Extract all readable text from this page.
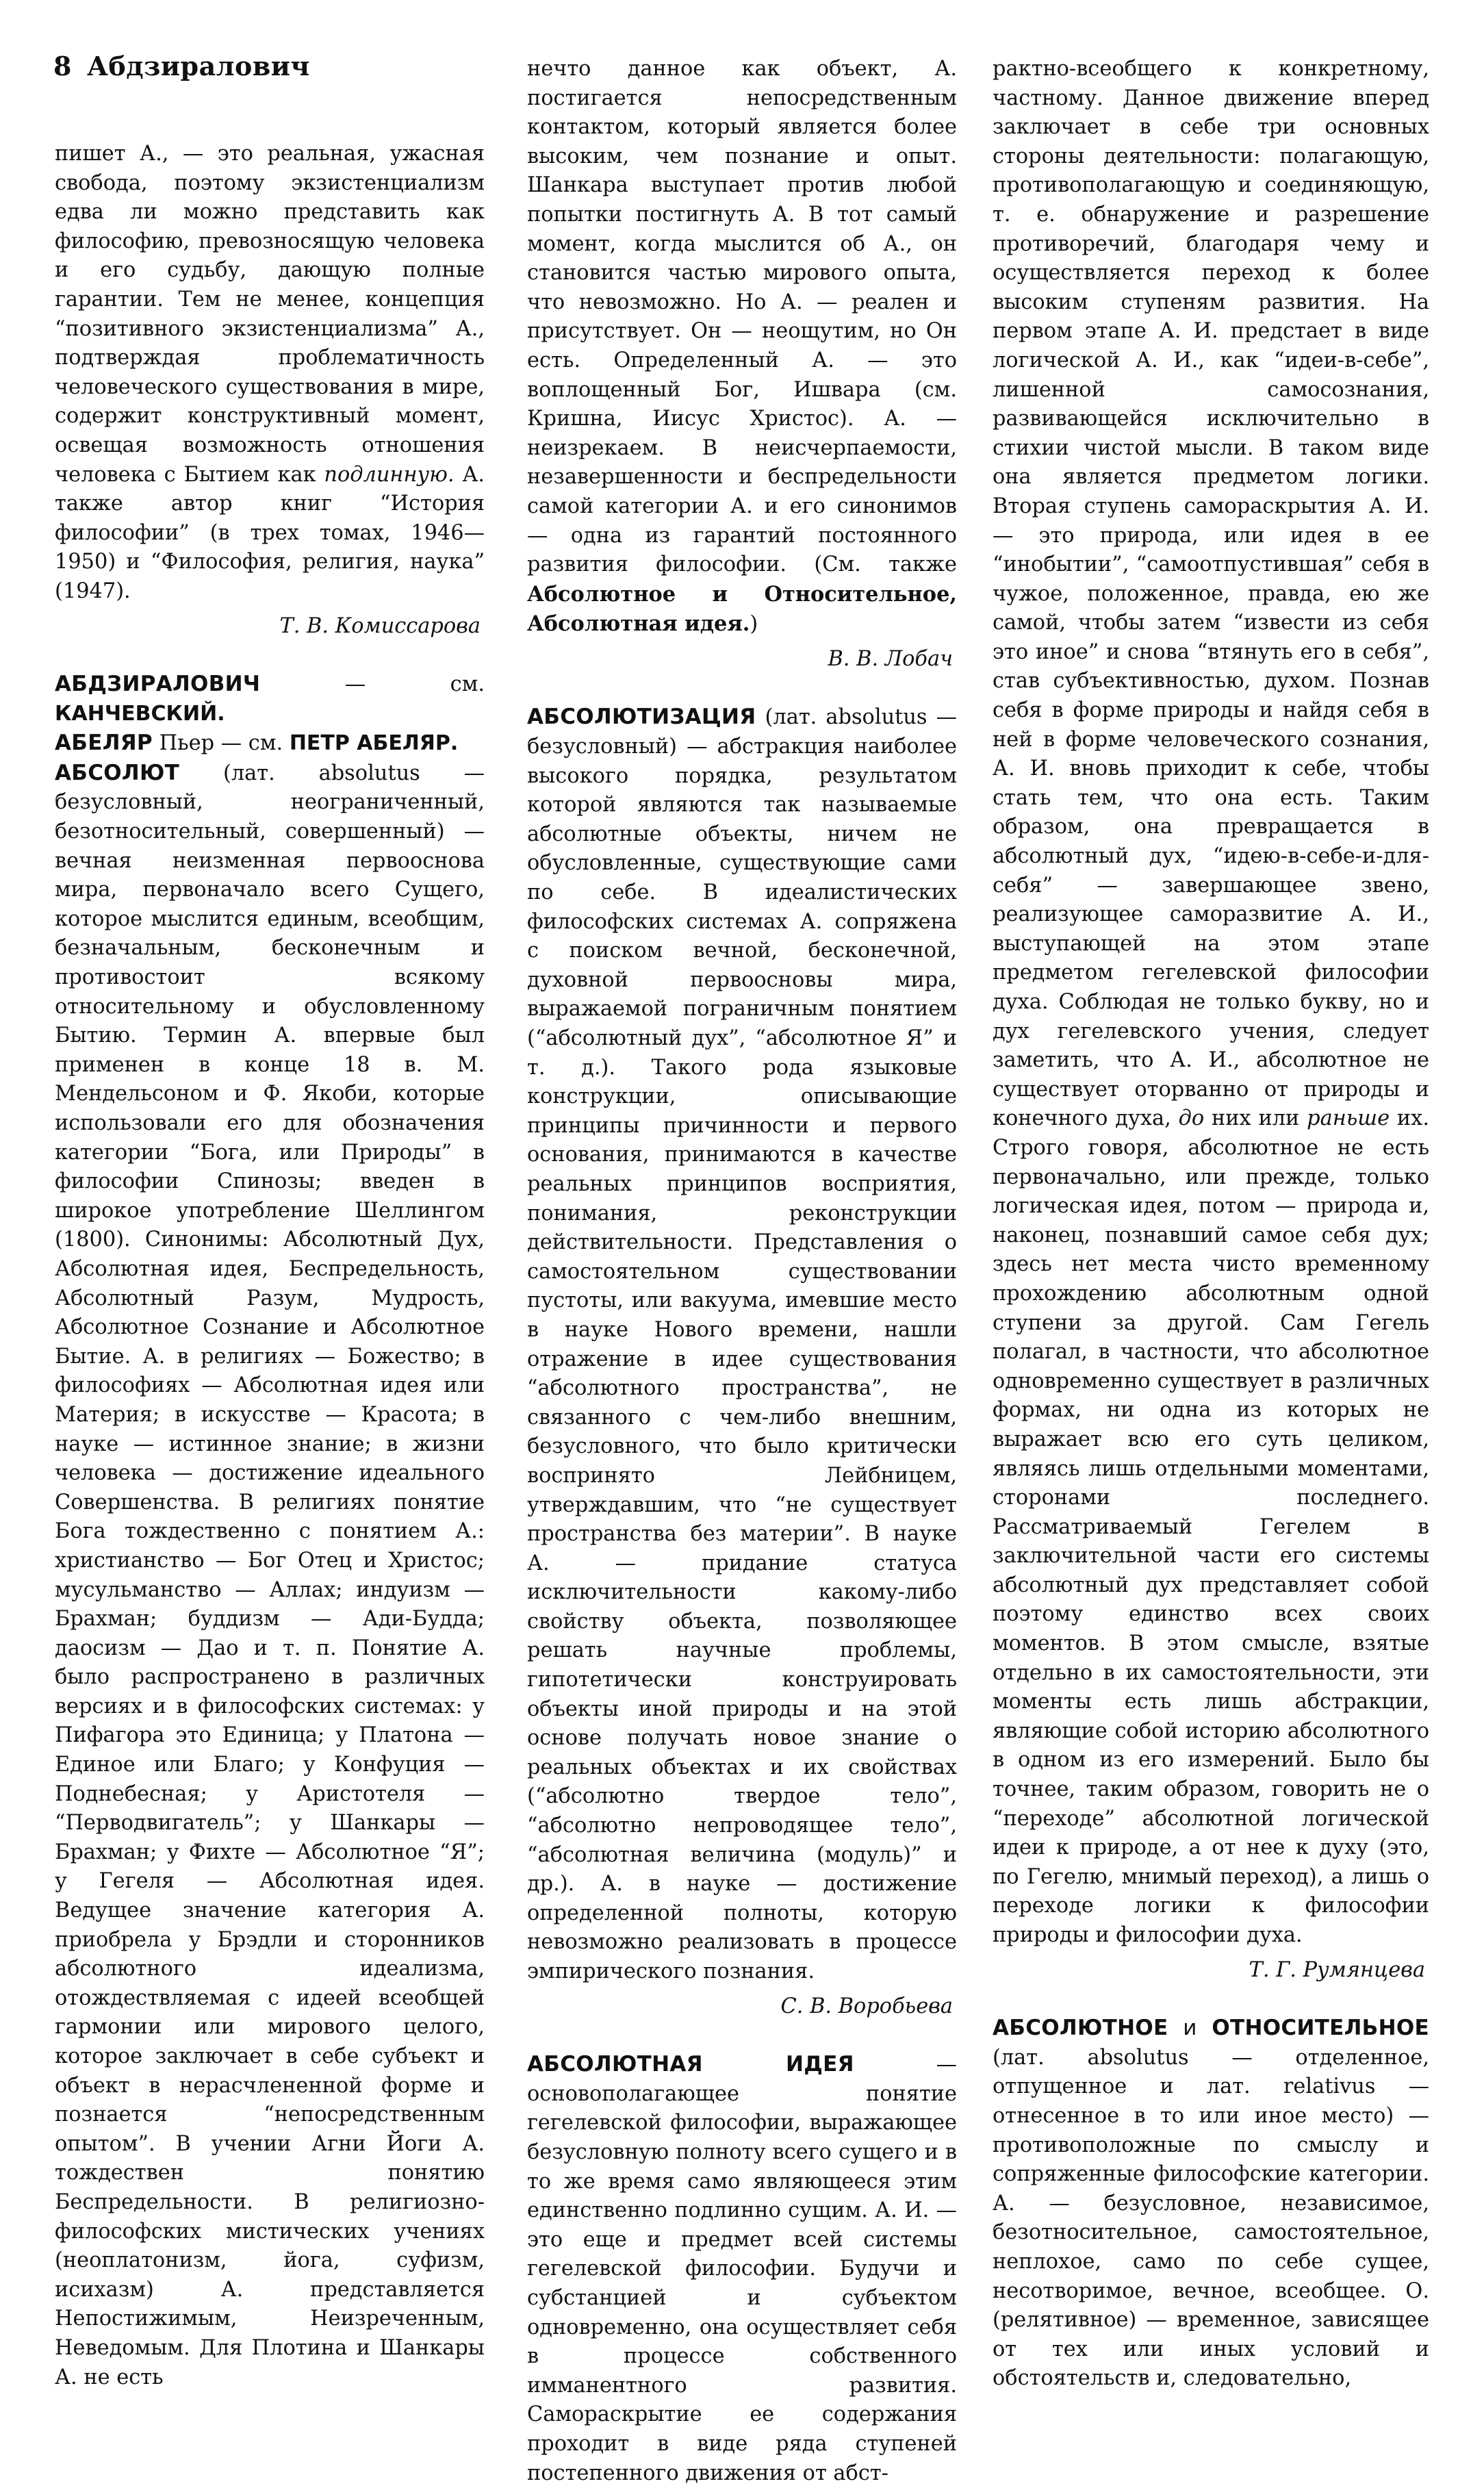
8 Абдзиралович

пишет А., — это реальная, ужасная свобода, поэтому экзистенциализм едва ли можно представить как философию, превозносящую человека и его судьбу, дающую полные гарантии. Тем не менее, концепция “позитивного экзистенциализма” А., подтверждая проблематичность человеческого существования в мире, содержит конструктивный момент, освещая возможность отношения человека с Бытием как подлинную. А. также автор книг “История философии” (в трех томах, 1946—1950) и “Философия, религия, наука” (1947).

Т. В. Комиссарова

АБДЗИРАЛОВИЧ	— см. КАНЧЕВСКИЙ.

АБЕЛЯР Пьер — см. ПЕТР АБЕЛЯР.

АБСОЛЮТ (лат. absolutus — безусловный, неограниченный, безотносительный, совершенный) — вечная неизменная первооснова мира, первоначало всего Сущего, которое мыслится единым, всеобщим, безначальным, бесконечным и противостоит всякому относительному и обусловленному Бытию. Термин А. впервые был применен в конце 18 в. М. Мендельсоном и Ф. Якоби, которые использовали его для обозначения категории “Бога, или Природы” в философии Спинозы; введен в широкое употребление Шеллингом (1800). Синонимы: Абсолютный Дух, Абсолютная идея, Беспредельность, Абсолютный Разум, Мудрость, Абсолютное Сознание и Абсолютное Бытие. А. в религиях — Божество; в философиях — Абсолютная идея или Материя; в искусстве — Красота; в науке — истинное знание; в жизни человека — достижение идеального Совершенства. В религиях понятие Бога тождественно с понятием А.: христианство — Бог Отец и Христос; мусульманство — Аллах; индуизм — Брахман; буддизм — Ади-Будда; даосизм — Дао и т. п. Понятие А. было распространено в различных версиях и в философских системах: у Пифагора это Единица; у Платона — Единое или Благо; у Конфуция — Поднебесная; у Аристотеля — “Перводвигатель”; у Шанкары — Брахман; у Фихте — Абсолютное “Я”; у Гегеля — Абсолютная идея. Ведущее значение категория А. приобрела у Брэдли и сторонников абсолютного идеализма, отождествляемая с идеей всеобщей гармонии или мирового целого, которое заключает в себе субъект и объект в нерасчлененной форме и познается “непосредственным опытом”. В учении Агни Йоги А. тождествен понятию Беспредельности. В религиозно-философских мистических учениях (неоплатонизм, йога, суфизм, исихазм) А. представляется Непостижимым, Неизреченным, Неведомым. Для Плотина и Шанкары А. не есть

нечто данное как объект, А. постигается непосредственным контактом, который является более высоким, чем познание и опыт. Шанкара выступает против любой попытки постигнуть А. В тот самый момент, когда мыслится об А., он становится частью мирового опыта, что невозможно. Но А. — реален и присутствует. Он — неощутим, но Он есть. Определенный А. — это воплощенный Бог, Ишвара (см. Кришна, Иисус Христос). А. — неизрекаем. В неисчерпаемости, незавершенности и беспредельности самой категории А. и его синонимов — одна из гарантий постоянного развития философии. (См. также Абсолютное и Относительное, Абсолютная идея.)

В. В. Лобач

АБСОЛЮТИЗАЦИЯ (лат. absolutus — безусловный) — абстракция наиболее высокого порядка, результатом которой являются так называемые абсолютные объекты, ничем не обусловленные, существующие сами по себе. В идеалистических философских системах А. сопряжена с поиском вечной, бесконечной, духовной первоосновы мира, выражаемой пограничным понятием (“абсолютный дух”, “абсолютное Я” и т. д.). Такого рода языковые конструкции, описывающие принципы причинности и первого основания, принимаются в качестве реальных принципов восприятия, понимания, реконструкции действительности. Представления о самостоятельном существовании пустоты, или вакуума, имевшие место в науке Нового времени, нашли отражение в идее существования “абсолютного пространства”, не связанного с чем-либо внешним, безусловного, что было критически воспринято Лейбницем, утверждавшим, что “не существует пространства без материи”. В науке А. — придание статуса исключительности какому-либо свойству объекта, позволяющее решать научные проблемы, гипотетически конструировать объекты иной природы и на этой основе получать новое знание о реальных объектах и их свойствах (“абсолютно твердое тело”, “абсолютно непроводящее тело”, “абсолютная величина (модуль)” и др.). А. в науке — достижение определенной полноты, которую невозможно реализовать в процессе эмпирического познания.

С. В. Воробьева

АБСОЛЮТНАЯ ИДЕЯ	— основополагающее понятие гегелевской философии, выражающее безусловную полноту всего сущего и в то же время само являющееся этим единственно подлинно сущим. А. И. — это еще и предмет всей системы гегелевской философии. Будучи и субстанцией и субъектом одновременно, она осуществляет себя в процессе собственного имманентного развития. Самораскрытие ее содержания проходит в виде ряда ступеней постепенного движения от абст-

рактно-всеобщего к конкретному, частному. Данное движение вперед заключает в себе три основных стороны деятельности: полагающую, противополагающую и соединяющую, т. е. обнаружение и разрешение противоречий, благодаря чему и осуществляется переход к более высоким ступеням развития. На первом этапе А. И. предстает в виде логической А. И., как “идеи-в-себе”, лишенной самосознания, развивающейся исключительно в стихии чистой мысли. В таком виде она является предметом логики. Вторая ступень самораскрытия А. И. — это природа, или идея в ее “инобытии”, “самоотпустившая” себя в чужое, положенное, правда, ею же самой, чтобы затем “извести из себя это иное” и снова “втянуть его в себя”, став субъективностью, духом. Познав себя в форме природы и найдя себя в ней в форме человеческого сознания, А. И. вновь приходит к себе, чтобы стать тем, что она есть. Таким образом, она превращается в абсолютный дух, “идею-в-себе-и-для-себя” — завершающее звено, реализующее саморазвитие А. И., выступающей на этом этапе предметом гегелевской философии духа. Соблюдая не только букву, но и дух гегелевского учения, следует заметить, что А. И., абсолютное не существует оторванно от природы и конечного духа, до них или раньше их. Строго говоря, абсолютное не есть первоначально, или прежде, только логическая идея, потом — природа и, наконец, познавший самое себя дух; здесь нет места чисто временному прохождению абсолютным одной ступени за другой. Сам Гегель полагал, в частности, что абсолютное одновременно существует в различных формах, ни одна из которых не выражает всю его суть целиком, являясь лишь отдельными моментами, сторонами последнего. Рассматриваемый Гегелем в заключительной части его системы абсолютный дух представляет собой поэтому единство всех своих моментов. В этом смысле, взятые отдельно в их самостоятельности, эти моменты есть лишь абстракции, являющие собой историю абсолютного в одном из его измерений. Было бы точнее, таким образом, говорить не о “переходе” абсолютной логической идеи к природе, а от нее к духу (это, по Гегелю, мнимый переход), а лишь о переходе логики к философии природы и философии духа.

Т. Г. Румянцева

АБСОЛЮТНОЕ и ОТНОСИТЕЛЬНОЕ (лат. absolutus — отделенное, отпущенное и лат. relativus — отнесенное в то или иное место) — противоположные по смыслу и сопряженные философские категории. А. — безусловное, независимое, безотносительное, самостоятельное, неплохое, само по себе сущее, несотворимое, вечное, всеобщее. О. (релятивное) — временное, зависящее от тех или иных условий и обстоятельств и, следовательно,
